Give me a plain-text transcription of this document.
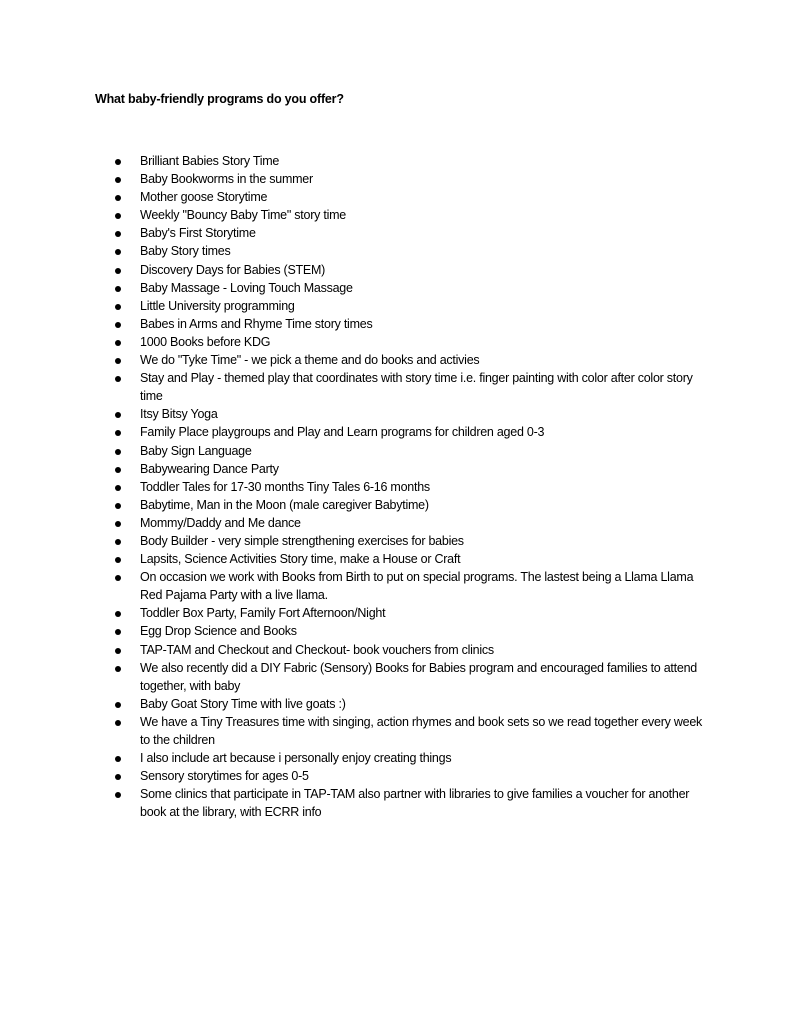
What baby-friendly programs do you offer?
Brilliant Babies Story Time
Baby Bookworms in the summer
Mother goose Storytime
Weekly "Bouncy Baby Time" story time
Baby's First Storytime
Baby Story times
Discovery Days for Babies (STEM)
Baby Massage - Loving Touch Massage
Little University programming
Babes in Arms and Rhyme Time story times
1000 Books before KDG
We do "Tyke Time" - we pick a theme and do books and activies
Stay and Play - themed play that coordinates with story time i.e. finger painting with color after color story time
Itsy Bitsy Yoga
Family Place playgroups and Play and Learn programs for children aged 0-3
Baby Sign Language
Babywearing Dance Party
Toddler Tales for 17-30 months Tiny Tales 6-16 months
Babytime, Man in the Moon (male caregiver Babytime)
Mommy/Daddy and Me dance
Body Builder - very simple strengthening exercises for babies
Lapsits, Science Activities Story time, make a House or Craft
On occasion we work with Books from Birth to put on special programs. The lastest being a Llama Llama Red Pajama Party with a live llama.
Toddler Box Party, Family Fort Afternoon/Night
Egg Drop Science and Books
TAP-TAM and Checkout and Checkout- book vouchers from clinics
We also recently did a DIY Fabric (Sensory) Books for Babies program and encouraged families to attend together, with baby
Baby Goat Story Time with live goats :)
We have a Tiny Treasures time with singing, action rhymes and book sets so we read together every week to the children
I also include art because i personally enjoy creating things
Sensory storytimes for ages 0-5
Some clinics that participate in TAP-TAM also partner with libraries to give families a voucher for another book at the library, with ECRR info
